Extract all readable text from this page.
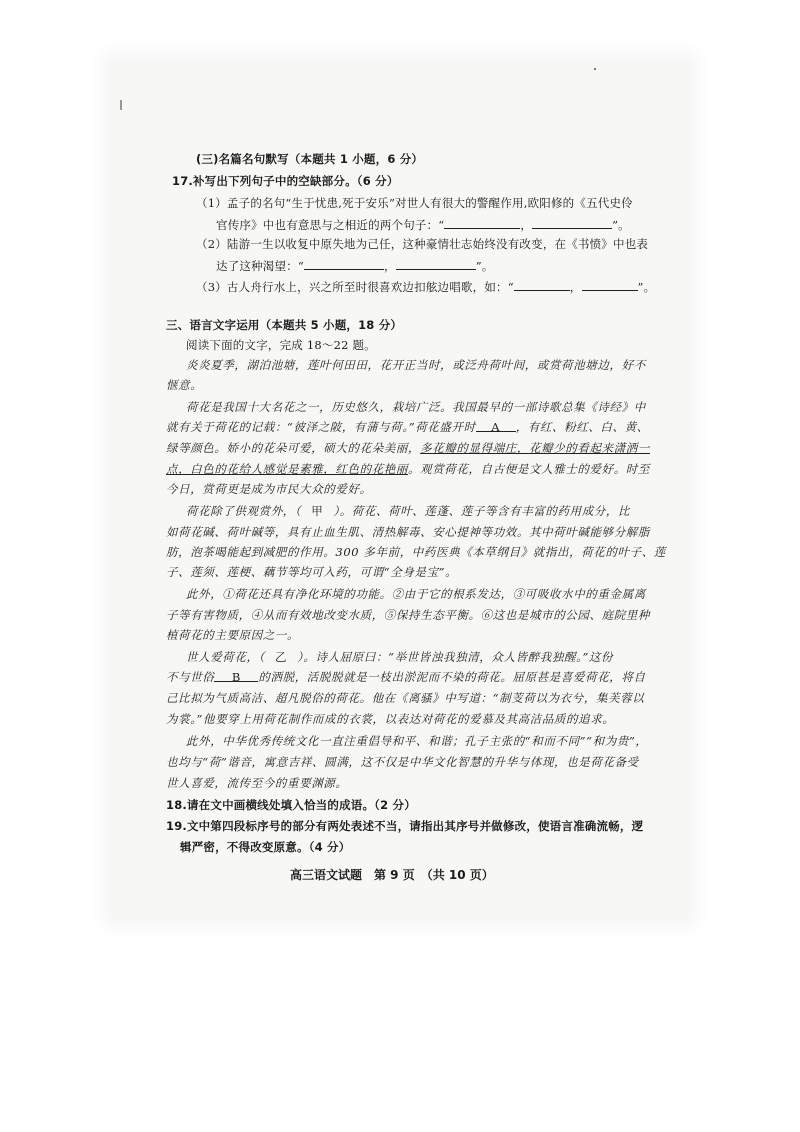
(三)名篇名句默写（本题共 1 小题，6 分）
17.补写出下列句子中的空缺部分。（6 分）
（1）孟子的名句“生于忧患,死于安乐”对世人有很大的警醒作用,欧阳修的《五代史伶
官传序》中也有意思与之相近的两个句子：“	，	”。
（2）陆游一生以收复中原失地为己任，这种豪情壮志始终没有改变，在《书愤》中也表
达了这种渴望：“	，	”。
（3）古人舟行水上，兴之所至时很喜欢边扣舷边唱歌，如：“	，	”。
三、语言文字运用（本题共 5 小题，18 分）
阅读下面的文字，完成 18～22 题。
炎炎夏季，湖泊池塘，莲叶何田田，花开正当时，或泛舟荷叶间，或赏荷池塘边，好不
惬意。
荷花是我国十大名花之一，历史悠久，栽培广泛。我国最早的一部诗歌总集《诗经》中
就有关于荷花的记载：“彼泽之陂，有蒲与荷。”荷花盛开时 A ，有红、粉红、白、黄、
绿等颜色。娇小的花朵可爱，硕大的花朵美丽，多花瓣的显得端庄，花瓣少的看起来潇洒一
点，白色的花给人感觉是素雅，红色的花艳丽。观赏荷花，自古便是文人雅士的爱好。时至
今日，赏荷更是成为市民大众的爱好。
荷花除了供观赏外，（ 甲 ）。荷花、荷叶、莲蓬、莲子等含有丰富的药用成分，比
如荷花碱、荷叶碱等，具有止血生肌、清热解毒、安心提神等功效。其中荷叶碱能够分解脂
肪，泡茶喝能起到减肥的作用。300 多年前，中药医典《本草纲目》就指出，荷花的叶子、莲
子、莲须、莲梗、藕节等均可入药，可谓“全身是宝”。
此外，①荷花还具有净化环境的功能。②由于它的根系发达，③可吸收水中的重金属离
子等有害物质，④从而有效地改变水质，⑤保持生态平衡。⑥这也是城市的公园、庭院里种
植荷花的主要原因之一。
世人爱荷花，（ 乙 ）。诗人屈原曰：“举世皆浊我独清，众人皆醉我独醒。”这份
不与世俗 B 的洒脱，活脱脱就是一枝出淤泥而不染的荷花。屈原甚是喜爱荷花，将自
己比拟为气质高洁、超凡脱俗的荷花。他在《离骚》中写道：“制芰荷以为衣兮，集芙蓉以
为裳。”他要穿上用荷花制作而成的衣裳，以表达对荷花的爱慕及其高洁品质的追求。
此外，中华优秀传统文化一直注重倡导和平、和谐；孔子主张的“和而不同”“和为贵”，
也均与“荷”谐音，寓意吉祥、圆满，这不仅是中华文化智慧的升华与体现，也是荷花备受
世人喜爱，流传至今的重要渊源。
18.请在文中画横线处填入恰当的成语。（2 分）
19.文中第四段标序号的部分有两处表述不当，请指出其序号并做修改，使语言准确流畅，逻
辑严密，不得改变原意。（4 分）
高三语文试题　第 9 页　（共 10 页）
